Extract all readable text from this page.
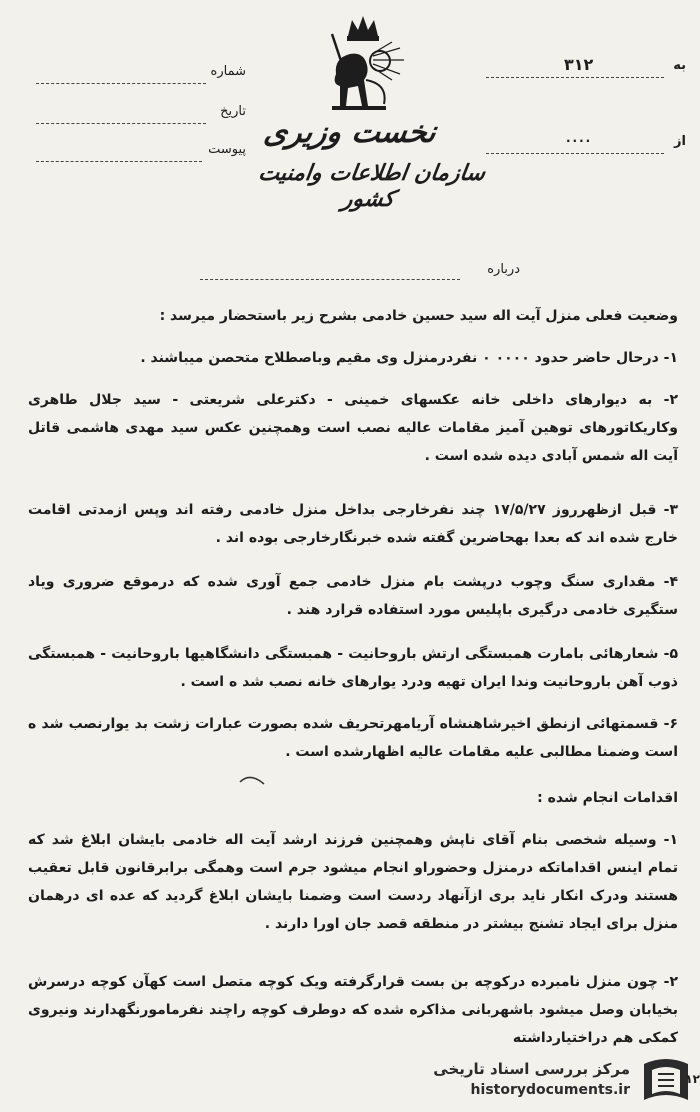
شماره
تاریخ
پیوست
به
۳۱۲
از
....
نخست وزیری
سازمان اطلاعات وامنیت کشور
درباره
وضعیت فعلی منزل آیت اله سید حسین خادمی بشرح زیر باستحضار میرسد :
۱- درحال حاضر حدود ۰۰۰۰ ۰ نفردرمنزل وی مقیم وباصطلاح متحصن میباشند .
۲- به دیوارهای داخلی خانه عکسهای خمینی - دکترعلی شریعتی - سید جلال طاهری وکاریکاتورهای توهین آمیز مقامات عالیه نصب است وهمچنین عکس سید مهدی هاشمی قاتل آیت اله شمس آبادی دیده شده است .
۳- قبل ازظهرروز ۱۷/۵/۲۷ چند نفرخارجی بداخل منزل خادمی رفته اند وپس ازمدتی اقامت خارج شده اند که بعدا بهحاضرین گفته شده خبرنگارخارجی بوده اند .
۴- مقداری سنگ وچوب درپشت بام منزل خادمی جمع آوری شده که درموقع ضروری ویاد ستگیری خادمی درگیری باپلیس مورد استفاده قرارد هند .
۵- شعارهائی بامارت همبستگی ارتش باروحانیت - همبستگی دانشگاهیها باروحانیت - همبستگی ذوب آهن باروحانیت وندا ایران تهیه ودرد یوارهای خانه نصب شد ه است .
۶- قسمتهائی ازنطق اخیرشاهنشاه آریامهرتحریف شده بصورت عبارات زشت بد یوارنصب شد ه است وضمنا مطالبی علیه مقامات عالیه اظهارشده است .
اقدامات انجام شده :
۱- وسیله شخصی بنام آقای ناپش وهمچنین فرزند ارشد آیت اله خادمی بایشان ابلاغ شد که تمام اینس اقداماتکه درمنزل وحضوراو انجام میشود جرم است وهمگی برابرقانون قابل تعقیب هستند ودرک انکار ناید بری ازآنهاد ردست است وضمنا بایشان ابلاغ گردید که عده ای درهمان منزل برای ایجاد تشنج بیشتر در منطقه قصد جان اورا دارند .
۲- چون منزل نامبرده درکوچه بن بست قرارگرفته ویک کوچه متصل است کهآن کوچه درسرش بخیابان وصل میشود باشهربانی مذاکره شده که دوطرف کوچه راچند نفرمامورنگهدارند ونیروی کمکی هم دراختیارداشته
مرکز بررسی اسناد تاریخی
historydocuments.ir
۱۲
